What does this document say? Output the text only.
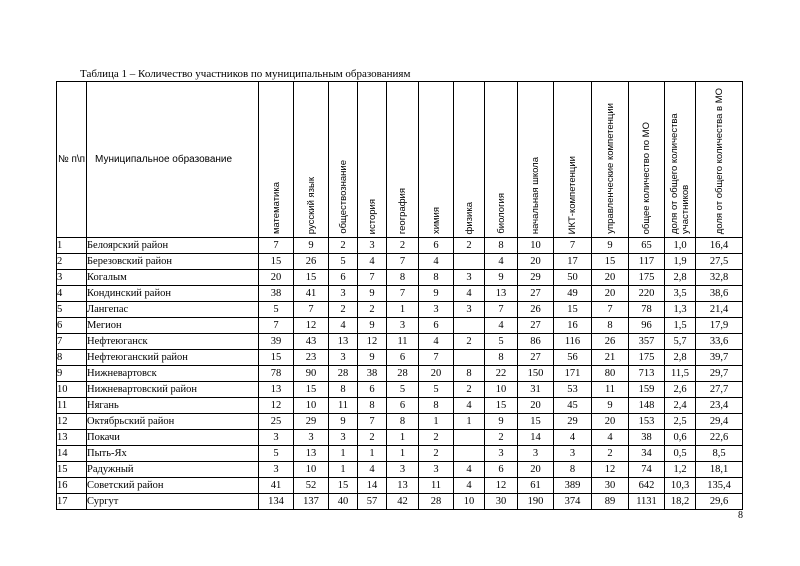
Таблица 1 – Количество участников по муниципальным образованиям
№ п\п	Муниципальное образование	математика	русский язык	обществознание	история	география	химия	физика	биология	начальная школа	ИКТ-компетенции	управленческие компетенции	общее количество по МО	доля от общего количества участников	доля от общего количества в МО

1	Белоярский район	7	9	2	3	2	6	2	8	10	7	9	65	1,0	16,4
2	Березовский район	15	26	5	4	7	4		4	20	17	15	117	1,9	27,5
3	Когалым	20	15	6	7	8	8	3	9	29	50	20	175	2,8	32,8
4	Кондинский район	38	41	3	9	7	9	4	13	27	49	20	220	3,5	38,6
5	Лангепас	5	7	2	2	1	3	3	7	26	15	7	78	1,3	21,4
6	Мегион	7	12	4	9	3	6		4	27	16	8	96	1,5	17,9
7	Нефтеюганск	39	43	13	12	11	4	2	5	86	116	26	357	5,7	33,6
8	Нефтеюганский район	15	23	3	9	6	7		8	27	56	21	175	2,8	39,7
9	Нижневартовск	78	90	28	38	28	20	8	22	150	171	80	713	11,5	29,7
10	Нижневартовский район	13	15	8	6	5	5	2	10	31	53	11	159	2,6	27,7
11	Нягань	12	10	11	8	6	8	4	15	20	45	9	148	2,4	23,4
12	Октябрьский район	25	29	9	7	8	1	1	9	15	29	20	153	2,5	29,4
13	Покачи	3	3	3	2	1	2		2	14	4	4	38	0,6	22,6
14	Пыть-Ях	5	13	1	1	1	2		3	3	3	2	34	0,5	8,5
15	Радужный	3	10	1	4	3	3	4	6	20	8	12	74	1,2	18,1
16	Советский район	41	52	15	14	13	11	4	12	61	389	30	642	10,3	135,4
17	Сургут	134	137	40	57	42	28	10	30	190	374	89	1131	18,2	29,6
8
